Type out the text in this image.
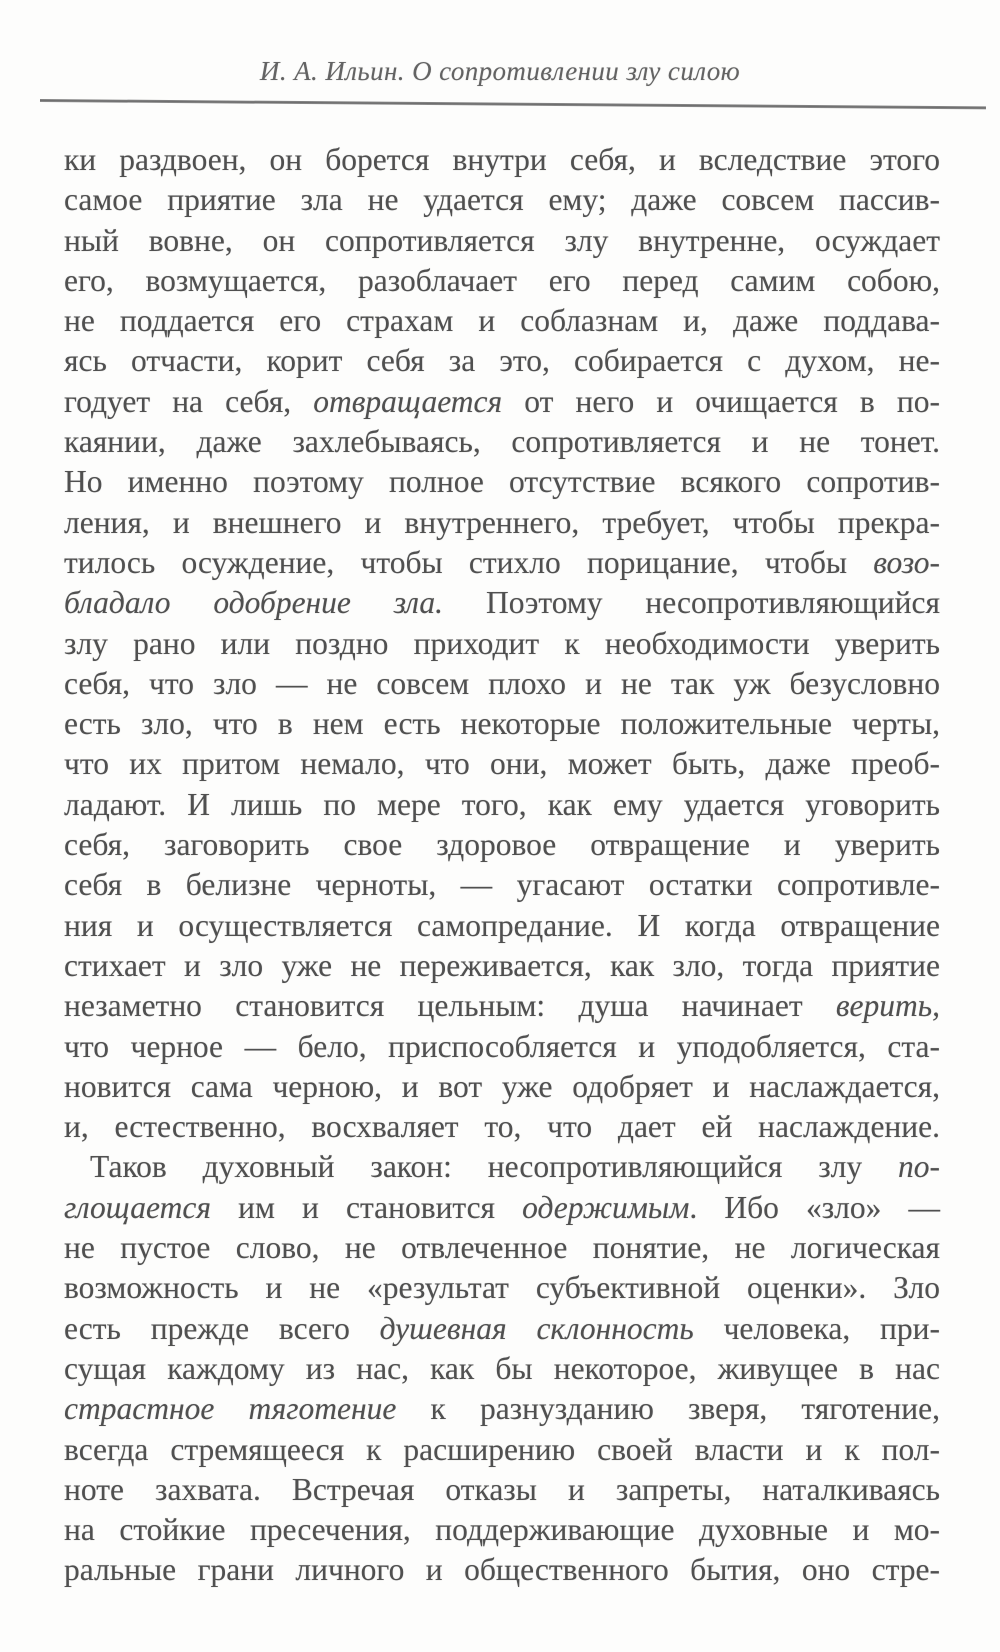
И. А. Ильин. О сопротивлении злу силою
ки раздвоен, он борется внутри себя, и вследствие этого
самое приятие зла не удается ему; даже совсем пассив-
ный вовне, он сопротивляется злу внутренне, осуждает
его, возмущается, разоблачает его перед самим собою,
не поддается его страхам и соблазнам и, даже поддава-
ясь отчасти, корит себя за это, собирается с духом, не-
годует на себя, отвращается от него и очищается в по-
каянии, даже захлебываясь, сопротивляется и не тонет.
Но именно поэтому полное отсутствие всякого сопротив-
ления, и внешнего и внутреннего, требует, чтобы прекра-
тилось осуждение, чтобы стихло порицание, чтобы возо-
бладало одобрение зла. Поэтому несопротивляющийся
злу рано или поздно приходит к необходимости уверить
себя, что зло — не совсем плохо и не так уж безусловно
есть зло, что в нем есть некоторые положительные черты,
что их притом немало, что они, может быть, даже преоб-
ладают. И лишь по мере того, как ему удается уговорить
себя, заговорить свое здоровое отвращение и уверить
себя в белизне черноты, — угасают остатки сопротивле-
ния и осуществляется самопредание. И когда отвращение
стихает и зло уже не переживается, как зло, тогда приятие
незаметно становится цельным: душа начинает верить,
что черное — бело, приспособляется и уподобляется, ста-
новится сама черною, и вот уже одобряет и наслаждается,
и, естественно, восхваляет то, что дает ей наслаждение.
Таков духовный закон: несопротивляющийся злу по-
глощается им и становится одержимым. Ибо «зло» —
не пустое слово, не отвлеченное понятие, не логическая
возможность и не «результат субъективной оценки». Зло
есть прежде всего душевная склонность человека, при-
сущая каждому из нас, как бы некоторое, живущее в нас
страстное тяготение к разнузданию зверя, тяготение,
всегда стремящееся к расширению своей власти и к пол-
ноте захвата. Встречая отказы и запреты, наталкиваясь
на стойкие пресечения, поддерживающие духовные и мо-
ральные грани личного и общественного бытия, оно стре-
